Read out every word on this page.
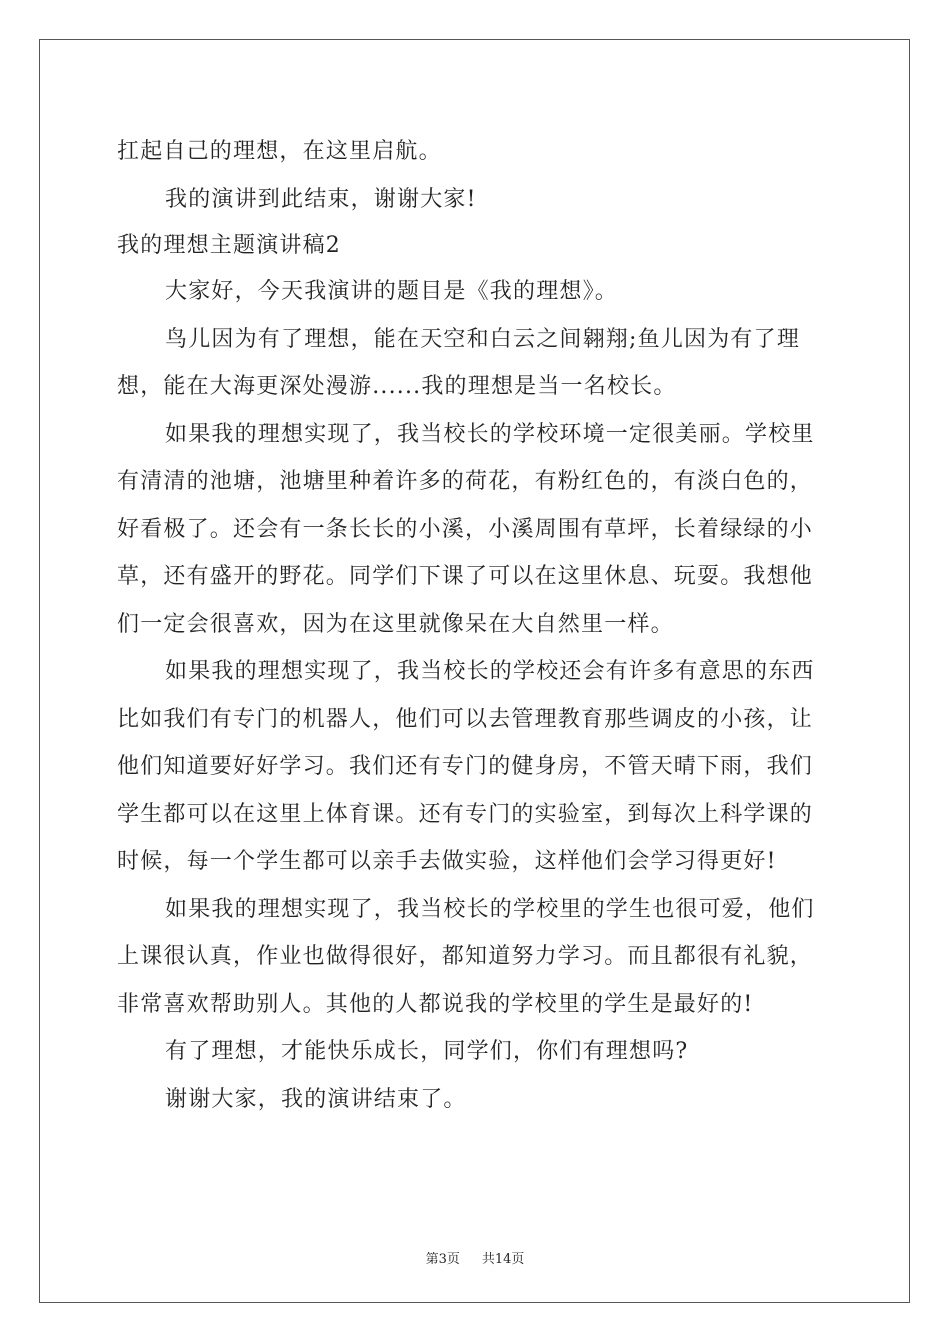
扛起自己的理想，在这里启航。
我的演讲到此结束，谢谢大家!
我的理想主题演讲稿2
大家好，今天我演讲的题目是《我的理想》。
鸟儿因为有了理想，能在天空和白云之间翱翔;鱼儿因为有了理
想，能在大海更深处漫游......我的理想是当一名校长。
如果我的理想实现了，我当校长的学校环境一定很美丽。学校里
有清清的池塘，池塘里种着许多的荷花，有粉红色的，有淡白色的，
好看极了。还会有一条长长的小溪，小溪周围有草坪，长着绿绿的小
草，还有盛开的野花。同学们下课了可以在这里休息、玩耍。我想他
们一定会很喜欢，因为在这里就像呆在大自然里一样。
如果我的理想实现了，我当校长的学校还会有许多有意思的东西
比如我们有专门的机器人，他们可以去管理教育那些调皮的小孩，让
他们知道要好好学习。我们还有专门的健身房，不管天晴下雨，我们
学生都可以在这里上体育课。还有专门的实验室，到每次上科学课的
时候，每一个学生都可以亲手去做实验，这样他们会学习得更好!
如果我的理想实现了，我当校长的学校里的学生也很可爱，他们
上课很认真，作业也做得很好，都知道努力学习。而且都很有礼貌，
非常喜欢帮助别人。其他的人都说我的学校里的学生是最好的!
有了理想，才能快乐成长，同学们，你们有理想吗?
谢谢大家，我的演讲结束了。
第3页 共14页
